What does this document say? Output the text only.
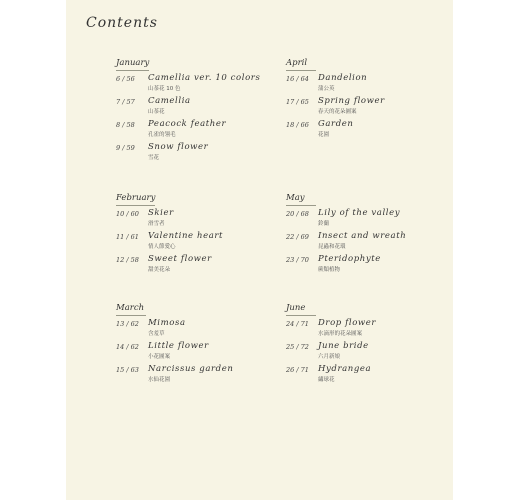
Contents
January
6 / 56 Camellia ver. 10 colors
山茶花 10 色
7 / 57 Camellia
山茶花
8 / 58 Peacock feather
孔雀的翎毛
9 / 59 Snow flower
雪花
February
10 / 60 Skier
滑雪者
11 / 61 Valentine heart
情人節愛心
12 / 58 Sweet flower
甜美花朵
March
13 / 62 Mimosa
含羞草
14 / 62 Little flower
小花圖案
15 / 63 Narcissus garden
水仙花園
April
16 / 64 Dandelion
蒲公英
17 / 65 Spring flower
春天的花朵圖案
18 / 66 Garden
花園
May
20 / 68 Lily of the valley
鈴蘭
22 / 69 Insect and wreath
昆蟲和花環
23 / 70 Pteridophyte
蕨類植物
June
24 / 71 Drop flower
水滴形的花朵圖案
25 / 72 June bride
六月新娘
26 / 71 Hydrangea
繡球花
